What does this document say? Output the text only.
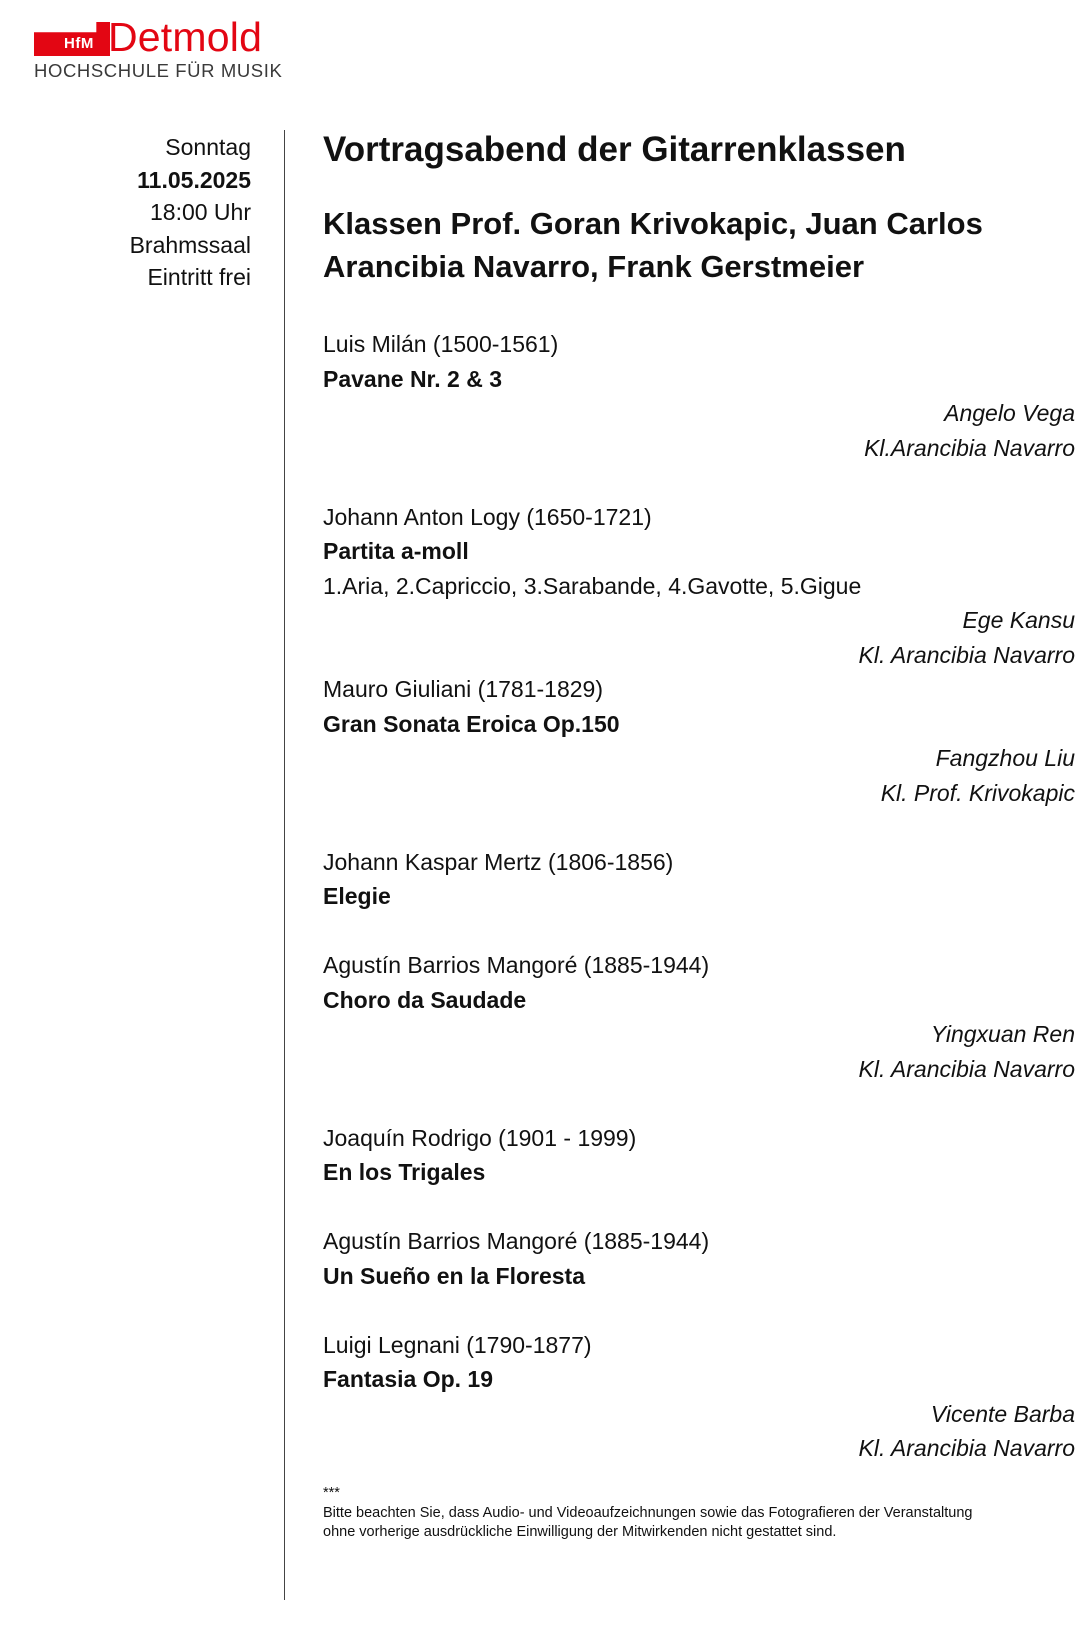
HfM Detmold
HOCHSCHULE FÜR MUSIK
Sonntag
11.05.2025
18:00 Uhr
Brahmssaal
Eintritt frei
Vortragsabend der Gitarrenklassen
Klassen Prof. Goran Krivokapic, Juan Carlos
Arancibia Navarro, Frank Gerstmeier
Luis Milán (1500-1561)
Pavane Nr. 2 & 3
Angelo Vega
Kl.Arancibia Navarro
Johann Anton Logy (1650-1721)
Partita a-moll
1.Aria, 2.Capriccio, 3.Sarabande, 4.Gavotte, 5.Gigue
Ege Kansu
Kl. Arancibia Navarro
Mauro Giuliani (1781-1829)
Gran Sonata Eroica Op.150
Fangzhou Liu
Kl. Prof. Krivokapic
Johann Kaspar Mertz (1806-1856)
Elegie
Agustín Barrios Mangoré (1885-1944)
Choro da Saudade
Yingxuan Ren
Kl. Arancibia Navarro
Joaquín Rodrigo (1901 - 1999)
En los Trigales
Agustín Barrios Mangoré (1885-1944)
Un Sueño en la Floresta
Luigi Legnani (1790-1877)
Fantasia Op. 19
Vicente Barba
Kl. Arancibia Navarro
***
Bitte beachten Sie, dass Audio- und Videoaufzeichnungen sowie das Fotografieren der Veranstaltung
ohne vorherige ausdrückliche Einwilligung der Mitwirkenden nicht gestattet sind.
